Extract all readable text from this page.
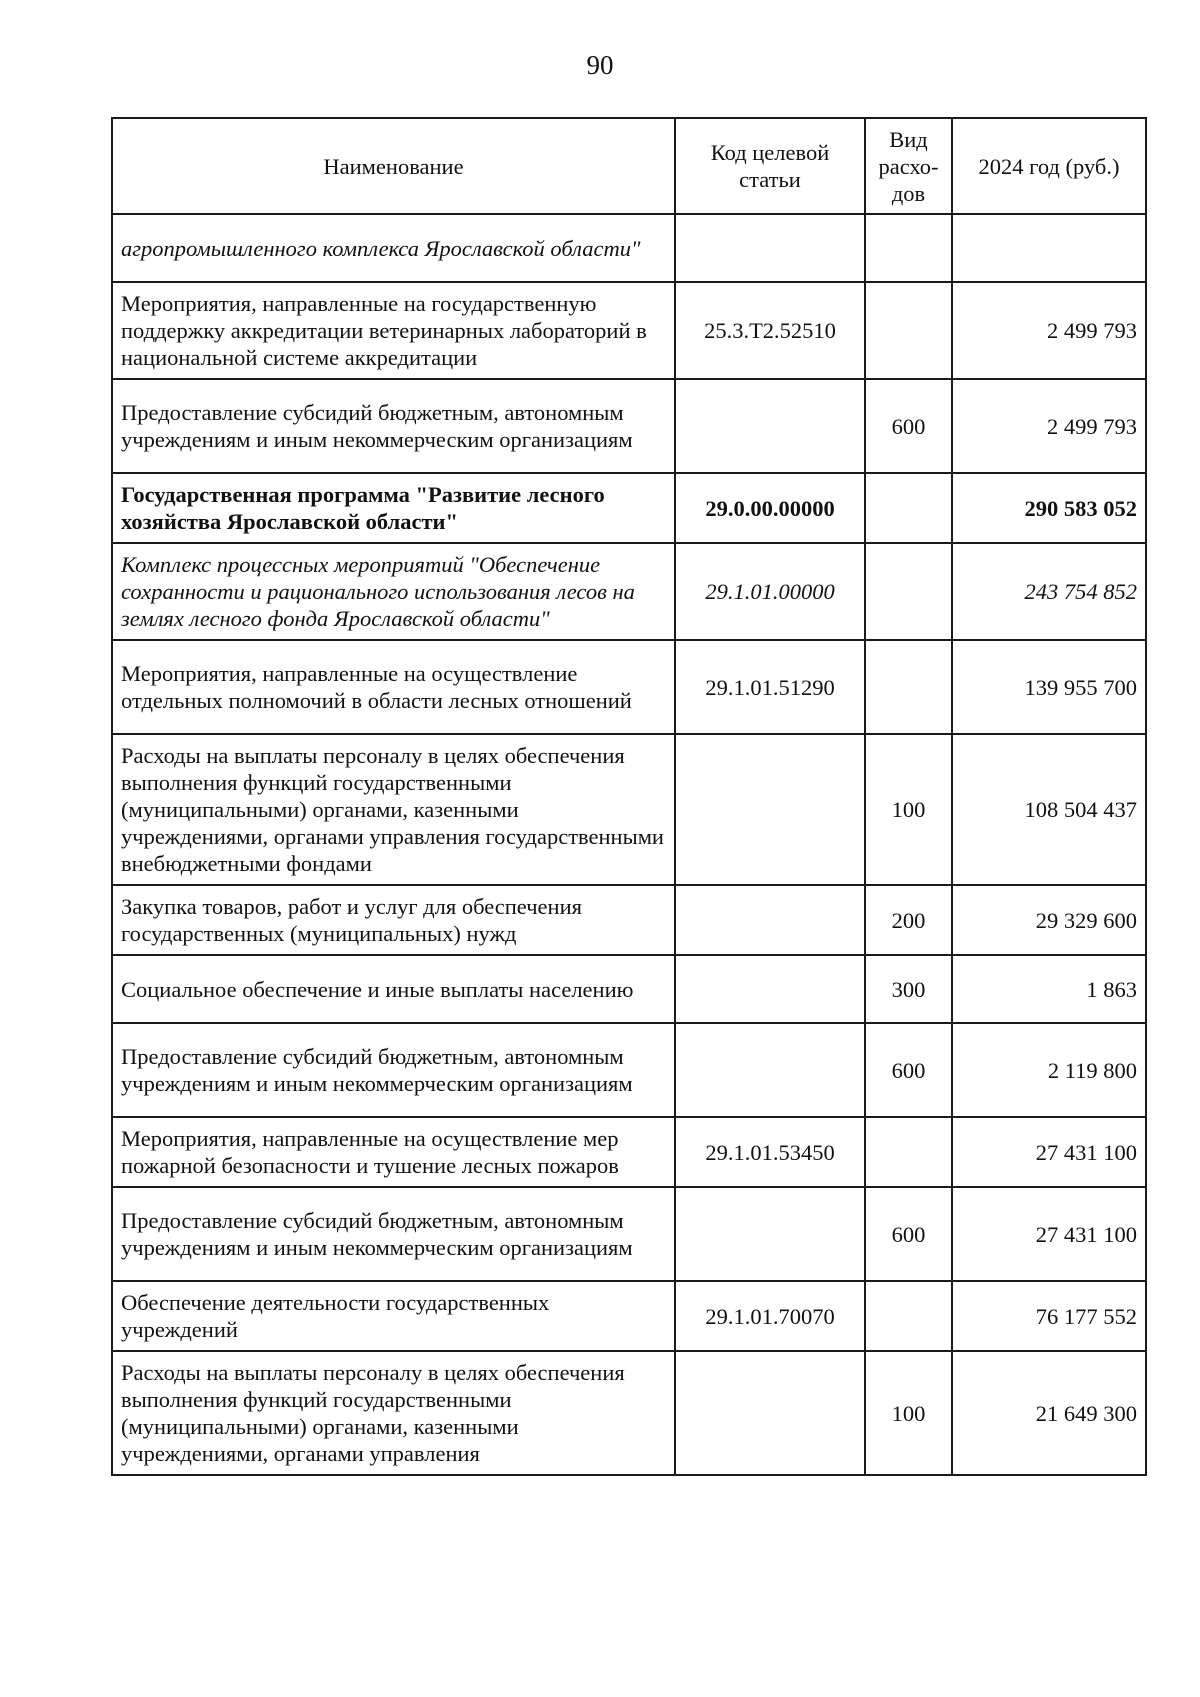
90
Наименование	Код целевой статьи	Вид расхо-дов	2024 год (руб.)
агропромышленного комплекса Ярославской области"			
Мероприятия, направленные на государственную поддержку аккредитации ветеринарных лабораторий в национальной системе аккредитации	25.3.Т2.52510		2 499 793
Предоставление субсидий бюджетным, автономным учреждениям и иным некоммерческим организациям		600	2 499 793
Государственная программа "Развитие лесного хозяйства Ярославской области"	29.0.00.00000		290 583 052
Комплекс процессных мероприятий "Обеспечение сохранности и рационального использования лесов на землях лесного фонда Ярославской области"	29.1.01.00000		243 754 852
Мероприятия, направленные на осуществление отдельных полномочий в области лесных отношений	29.1.01.51290		139 955 700
Расходы на выплаты персоналу в целях обеспечения выполнения функций государственными (муниципальными) органами, казенными учреждениями, органами управления государственными внебюджетными фондами		100	108 504 437
Закупка товаров, работ и услуг для обеспечения государственных (муниципальных) нужд		200	29 329 600
Социальное обеспечение и иные выплаты населению		300	1 863
Предоставление субсидий бюджетным, автономным учреждениям и иным некоммерческим организациям		600	2 119 800
Мероприятия, направленные на осуществление мер пожарной безопасности и тушение лесных пожаров	29.1.01.53450		27 431 100
Предоставление субсидий бюджетным, автономным учреждениям и иным некоммерческим организациям		600	27 431 100
Обеспечение деятельности государственных учреждений	29.1.01.70070		76 177 552
Расходы на выплаты персоналу в целях обеспечения выполнения функций государственными (муниципальными) органами, казенными учреждениями, органами управления		100	21 649 300
